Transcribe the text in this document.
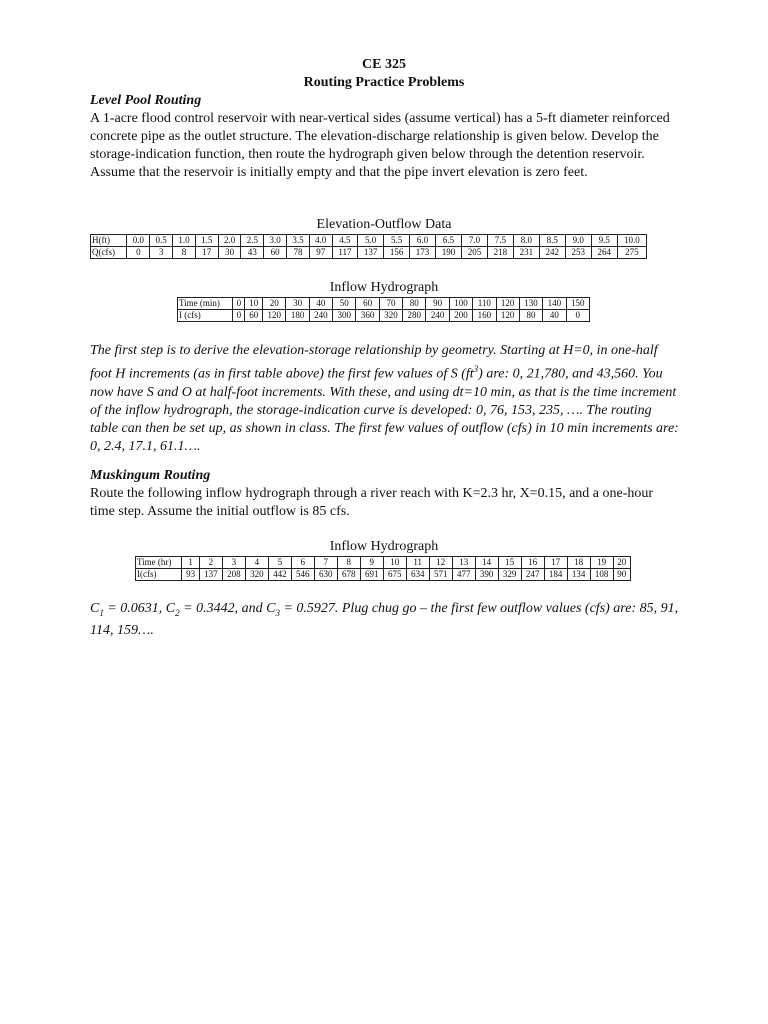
CE 325
Routing Practice Problems
Level Pool Routing

A 1-acre flood control reservoir with near-vertical sides (assume vertical) has a 5-ft diameter reinforced concrete pipe as the outlet structure. The elevation-discharge relationship is given below. Develop the storage-indication function, then route the hydrograph given below through the detention reservoir. Assume that the reservoir is initially empty and that the pipe invert elevation is zero feet.

Elevation-Outflow Data
H(ft)	0.0	0.5	1.0	1.5	2.0	2.5	3.0	3.5	4.0	4.5	5.0	5.5	6.0	6.5	7.0	7.5	8.0	8.5	9.0	9.5	10.0
Q(cfs)	0	3	8	17	30	43	60	78	97	117	137	156	173	190	205	218	231	242	253	264	275
Inflow Hydrograph
Time (min)	0	10	20	30	40	50	60	70	80	90	100	110	120	130	140	150
I (cfs)	0	60	120	180	240	300	360	320	280	240	200	160	120	80	40	0

The first step is to derive the elevation-storage relationship by geometry. Starting at H=0, in one-half foot H increments (as in first table above) the first few values of S $(ft^3)$ are: 0, 21,780, and 43,560. You now have S and O at half-foot increments. With these, and using dt=10 min, as that is the time increment of the inflow hydrograph, the storage-indication curve is developed: 0, 76, 153, 235, …. The routing table can then be set up, as shown in class. The first few values of outflow (cfs) in 10 min increments are: 0, 2.4, 17.1, 61.1….

Muskingum Routing

Route the following inflow hydrograph through a river reach with K=2.3 hr, X=0.15, and a one-hour time step. Assume the initial outflow is 85 cfs.

Inflow Hydrograph
Time (hr)	1	2	3	4	5	6	7	8	9	10	11	12	13	14	15	16	17	18	19	20
I(cfs)	93	137	208	320	442	546	630	678	691	675	634	571	477	390	329	247	184	134	108	90

$C_1 = 0.0631$, $C_2 = 0.3442$, and $C_3 = 0.5927$. Plug chug go – the first few outflow values (cfs) are: 85, 91, 114, 159….
